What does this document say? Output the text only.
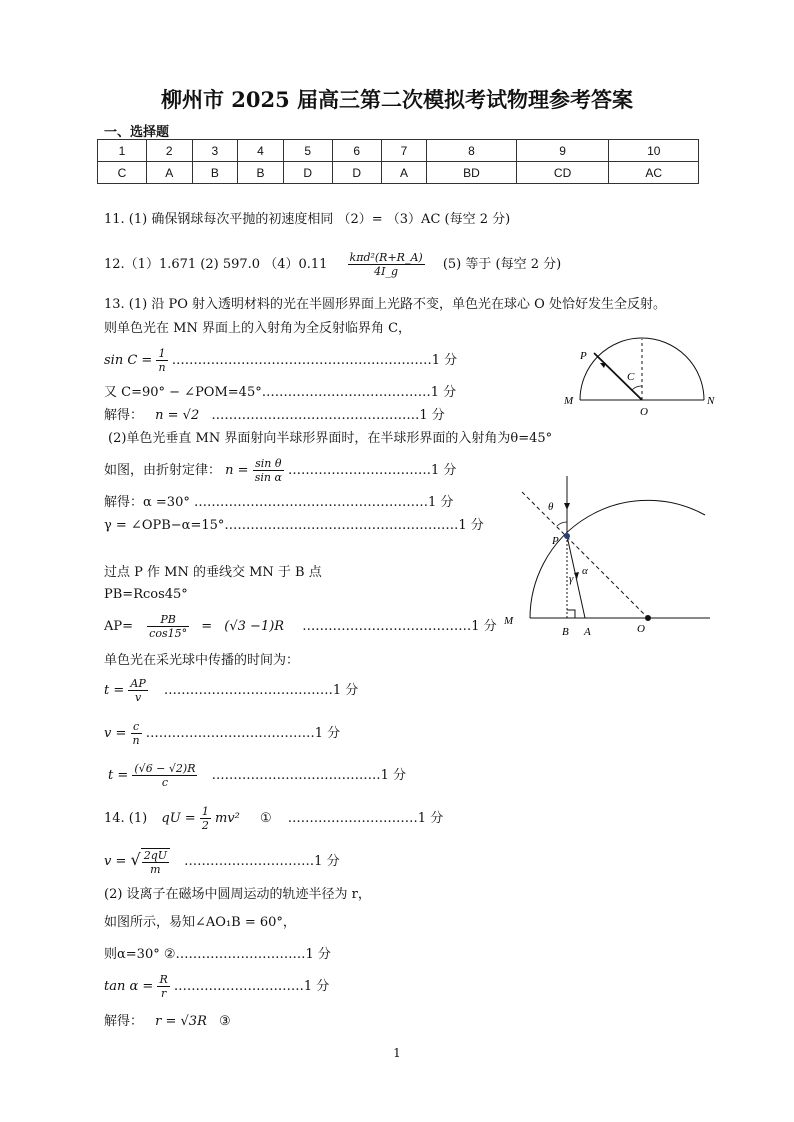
柳州市 2025 届高三第二次模拟考试物理参考答案
一、选择题
1	2	3	4	5	6	7	8	9	10
C	A	B	B	D	D	A	BD	CD	AC
11. (1) 确保钢球每次平抛的初速度相同 （2）= （3）AC (每空 2 分)
12.（1）1.671 (2) 597.0 $(4)0.11 \frac{\text{kπd²(R+R\_A)}}{4I\_g} (5)$ 等于 (每空 2 分)
13. (1) 沿 PO 射入透明材料的光在半圆形界面上光路不变，单色光在球心 O 处恰好发生全反射。
则单色光在 MN 界面上的入射角为全反射临界角 C，
$\sin C = \frac{1}{n}$ ……………………………………………………1 分
又 C=90° − ∠POM=45°…………………………………1 分
解得： n = √2 …………………………………………1 分
(2)单色光垂直 MN 界面射向半球形界面时，在半球形界面的入射角为θ=45°
如图，由折射定律： $n = \frac{\text{sin θ}}{\text{sin α}}$ ……………………………1 分
解得：α =30° ………………………………………………1 分
γ = ∠OPB−α=15°………………………………………………1 分
过点 P 作 MN 的垂线交 MN 于 B 点
PB=Rcos45°
$AP= \frac{PB}{\cos 15^\circ} = (√3 -1)R$ …………………………………1 分
单色光在采光球中传播的时间为：
$t = \frac{AP}{v}$ …………………………………1 分
$v = \frac{c}{n}$ …………………………………1 分
$t = \frac{(√6 - √2)R}{c}$ …………………………………1 分
14. (1) qU = $\frac{1}{2} mv^2$ ① …………………………1 分
v = √ $\frac{2qU}{m}$ …………………………1 分
(2) 设离子在磁场中圆周运动的轨迹半径为 r，
如图所示，易知∠AO₁B = 60°，
则α=30° ②…………………………1 分
$\tan \alpha = \frac{R}{r}$ …………………………1 分
解得： r = √3R ③
P
C
M
O
N
θ
P
α
γ
M
B A	O
1
